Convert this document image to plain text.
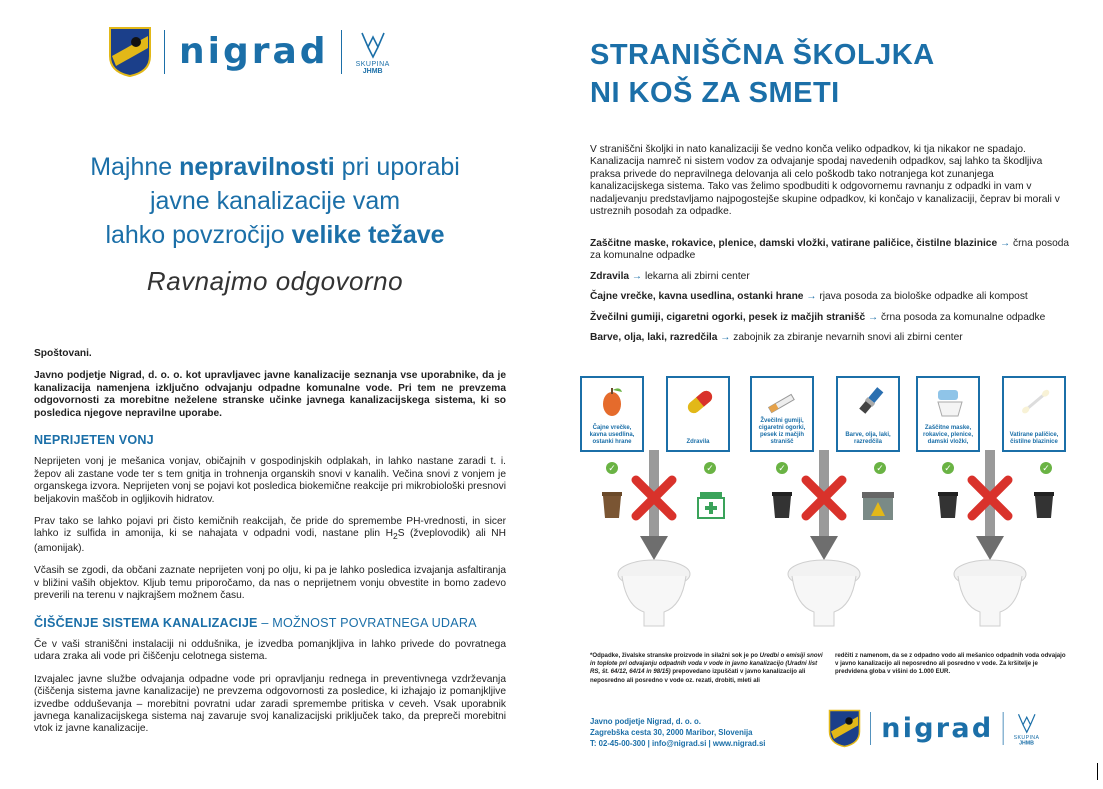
nigrad	SKUPINA
JHMB
Majhne nepravilnosti pri uporabi
javne kanalizacije vam
lahko povzročijo velike težave
Ravnajmo odgovorno

Spoštovani.

Javno podjetje Nigrad, d. o. o. kot upravljavec javne kanalizacije seznanja vse uporabnike, da je kanalizacija namenjena izključno odvajanju odpadne komunalne vode. Pri tem ne prevzema odgovornosti za morebitne neželene stranske učinke javnega kanalizacijskega sistema, ki so posledica njegove nepravilne uporabe.

NEPRIJETEN VONJ

Neprijeten vonj je mešanica vonjav, običajnih v gospodinjskih odplakah, in lahko nastane zaradi t. i. žepov ali zastane vode ter s tem gnitja in trohnenja organskih snovi v kanalih. Večina snovi z vonjem je organskega izvora. Neprijeten vonj se pojavi kot posledica biokemične reakcije pri mikrobiološki presnovi beljakovin maščob in ogljikovih hidratov.

Prav tako se lahko pojavi pri čisto kemičnih reakcijah, če pride do spremembe PH-vrednosti, in sicer lahko iz sulfida in amonija, ki se nahajata v odpadni vodi, nastane plin $H_2S$ (žveplovodik) ali NH (amonijak).

Včasih se zgodi, da občani zaznate neprijeten vonj po olju, ki pa je lahko posledica izvajanja asfaltiranja v bližini vaših objektov. Kljub temu priporočamo, da nas o neprijetnem vonju obvestite in bomo zadevo preverili na terenu v najkrajšem možnem času.

ČIŠČENJE SISTEMA KANALIZACIJE – MOŽNOST POVRATNEGA UDARA

Če v vaši straniščni instalaciji ni oddušnika, je izvedba pomanjkljiva in lahko privede do povratnega udara zraka ali vode pri čiščenju celotnega sistema.

Izvajalec javne službe odvajanja odpadne vode pri opravljanju rednega in preventivnega vzdrževanja (čiščenja sistema javne kanalizacije) ne prevzema odgovornosti za posledice, ki izhajajo iz pomanjkljive izvedbe odduševanja – morebitni povratni udar zaradi spremembe pritiska v ceveh. Vsak uporabnik javnega kanalizacijskega sistema naj zavaruje svoj kanalizacijski priključek tako, da prepreči morebitni vtok iz javne kanalizacije.

STRANIŠČNA ŠKOLJKA
NI KOŠ ZA SMETI
V straniščni školjki in nato kanalizaciji še vedno konča veliko odpadkov, ki tja nikakor ne spadajo. Kanalizacija namreč ni sistem vodov za odvajanje spodaj navedenih odpadkov, saj lahko ta škodljiva praksa privede do nepravilnega delovanja ali celo poškodb tako notranjega kot zunanjega kanalizacijskega sistema. Tako vas želimo spodbuditi k odgovornemu ravnanju z odpadki in vam v nadaljevanju predstavljamo najpogostejše skupine odpadkov, ki končajo v kanalizaciji, čeprav bi morali v ustreznih posodah za odpadke.
Zaščitne maske, rokavice, plenice, damski vložki, vatirane paličice, čistilne blazinice → črna posoda za komunalne odpadke
Zdravila → lekarna ali zbirni center
Čajne vrečke, kavna usedlina, ostanki hrane → rjava posoda za biološke odpadke ali kompost
Žvečilni gumiji, cigaretni ogorki, pesek iz mačjih stranišč → črna posoda za komunalne odpadke
Barve, olja, laki, razredčila → zabojnik za zbiranje nevarnih snovi ali zbirni center
Čajne vrečke, kavna usedlina, ostanki hrane	Zdravila
✓	✓
Žvečilni gumiji, cigaretni ogorki, pesek iz mačjih stranišč
Barve, olja, laki, razredčila
✓	✓
Zaščitne maske, rokavice, plenice, damski vložki,
Vatirane paličice, čistilne blazinice
✓	✓
*Odpadke, živalske stranske proizvode in silažni sok je po Uredbi o emisiji snovi in toplote pri odvajanju odpadnih voda v vode in javno kanalizacijo (Uradni list RS, št. 64/12, 64/14 in 98/15) prepovedano izpuščati v javno kanalizacijo ali neposredno ali posredno v vode oz. rezati, drobiti, mleti ali
redčiti z namenom, da se z odpadno vodo ali mešanico odpadnih voda odvajajo v javno kanalizacijo ali neposredno ali posredno v vode. Za kršitelje je predvidena globa v višini do 1.000 EUR.
Javno podjetje Nigrad, d. o. o.
Zagrebška cesta 30, 2000 Maribor, Slovenija
T: 02-45-00-300 | info@nigrad.si | www.nigrad.si	nigrad	SKUPINA
JHMB
